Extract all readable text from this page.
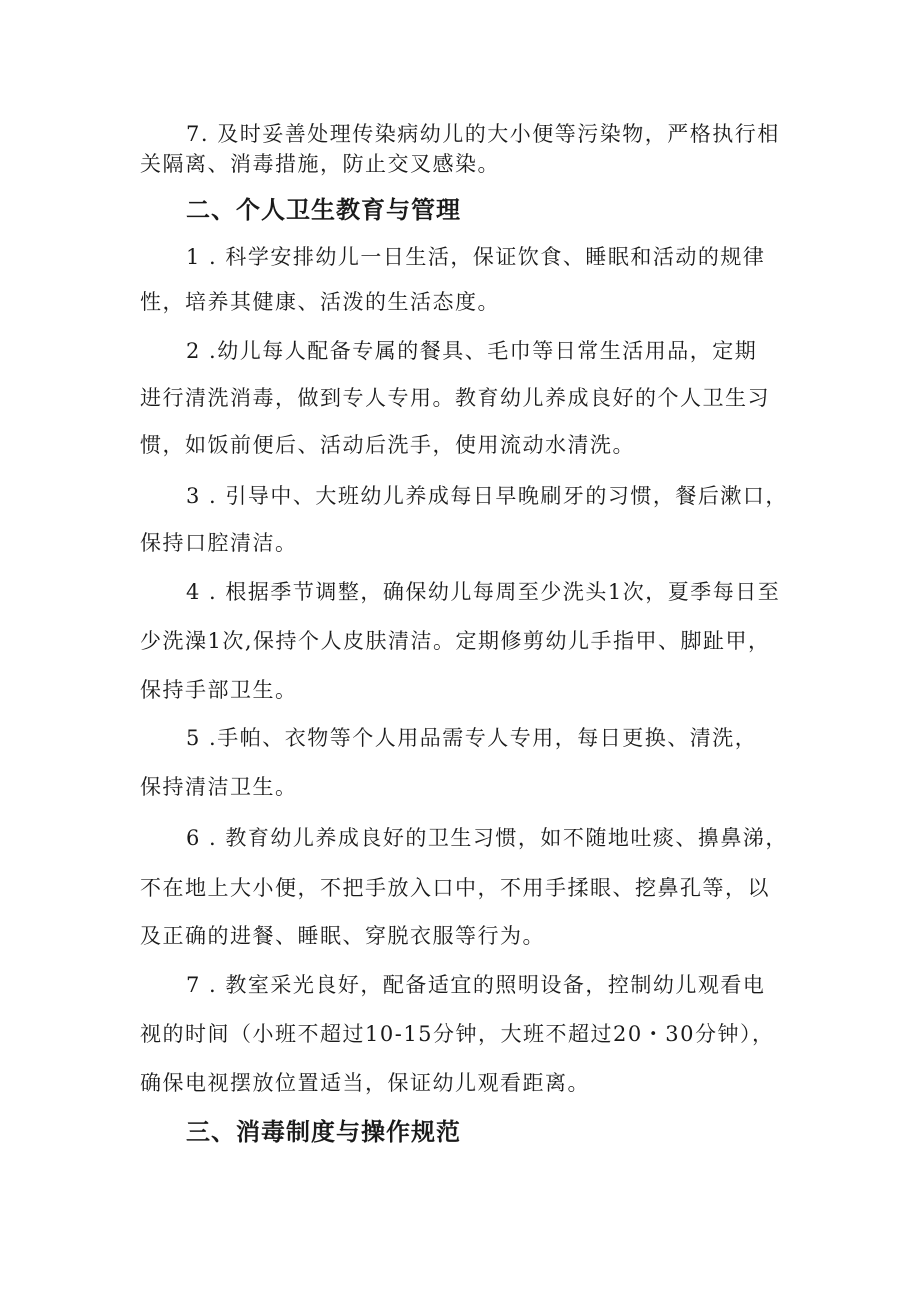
7. 及时妥善处理传染病幼儿的大小便等污染物，严格执行相
关隔离、消毒措施，防止交叉感染。
二、个人卫生教育与管理
1 . 科学安排幼儿一日生活，保证饮食、睡眠和活动的规律
性，培养其健康、活泼的生活态度。
2 .幼儿每人配备专属的餐具、毛巾等日常生活用品，定期
进行清洗消毒，做到专人专用。教育幼儿养成良好的个人卫生习
惯，如饭前便后、活动后洗手，使用流动水清洗。
3 . 引导中、大班幼儿养成每日早晚刷牙的习惯，餐后漱口，
保持口腔清洁。
4 . 根据季节调整，确保幼儿每周至少洗头1次，夏季每日至
少洗澡1次,保持个人皮肤清洁。定期修剪幼儿手指甲、脚趾甲，
保持手部卫生。
5 .手帕、衣物等个人用品需专人专用，每日更换、清洗，
保持清洁卫生。
6 . 教育幼儿养成良好的卫生习惯，如不随地吐痰、擤鼻涕，
不在地上大小便，不把手放入口中，不用手揉眼、挖鼻孔等，以
及正确的进餐、睡眠、穿脱衣服等行为。
7 . 教室采光良好，配备适宜的照明设备，控制幼儿观看电
视的时间（小班不超过10-15分钟，大班不超过20・30分钟），
确保电视摆放位置适当，保证幼儿观看距离。
三、消毒制度与操作规范
